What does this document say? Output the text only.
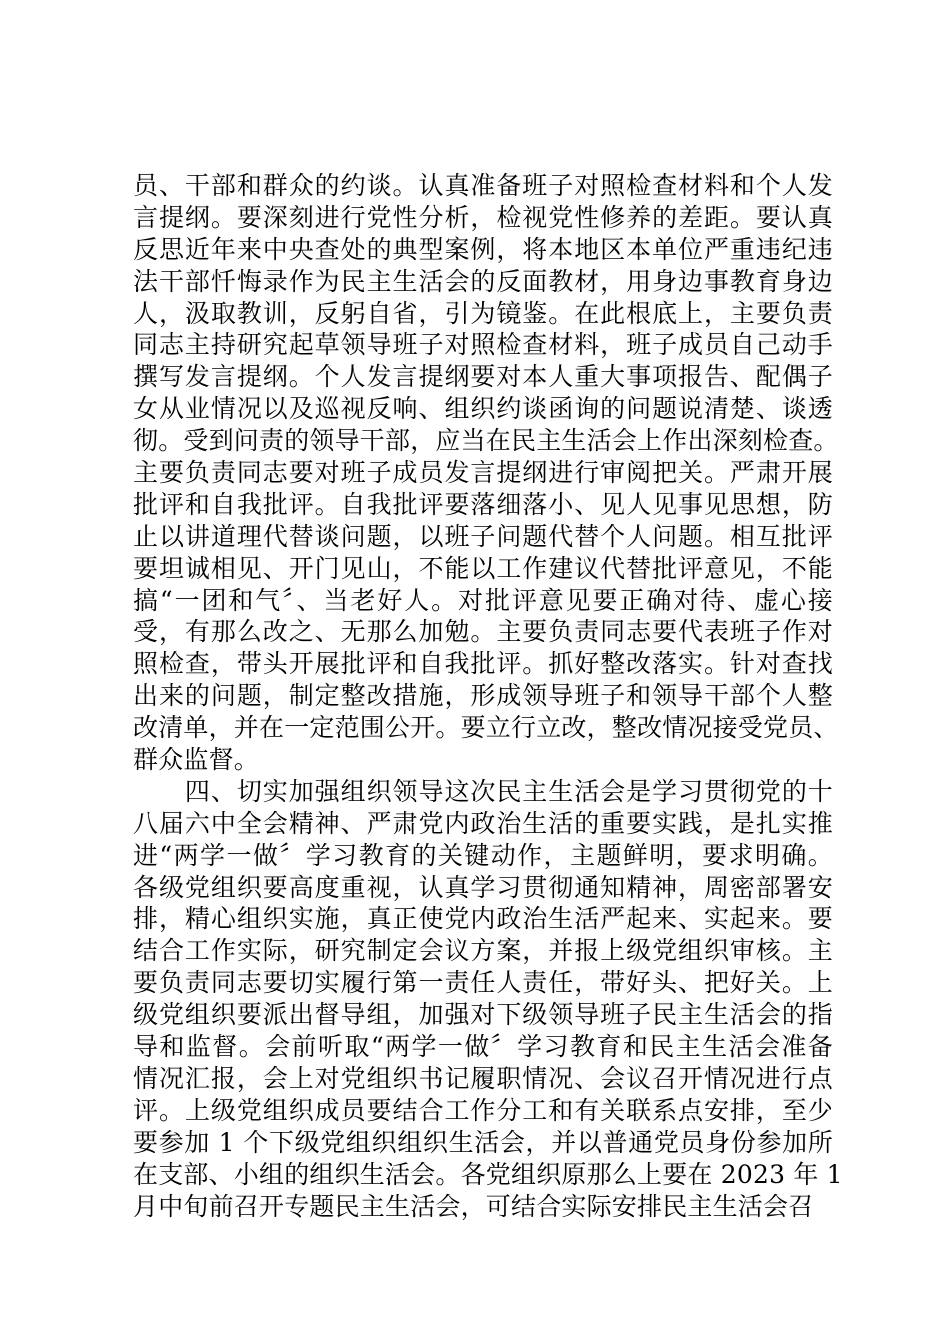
员、干部和群众的约谈。认真准备班子对照检查材料和个人发
言提纲。要深刻进行党性分析，检视党性修养的差距。要认真
反思近年来中央查处的典型案例，将本地区本单位严重违纪违
法干部忏悔录作为民主生活会的反面教材，用身边事教育身边
人，汲取教训，反躬自省，引为镜鉴。在此根底上，主要负责
同志主持研究起草领导班子对照检查材料，班子成员自己动手
撰写发言提纲。个人发言提纲要对本人重大事项报告、配偶子
女从业情况以及巡视反响、组织约谈函询的问题说清楚、谈透
彻。受到问责的领导干部，应当在民主生活会上作出深刻检查。
主要负责同志要对班子成员发言提纲进行审阅把关。严肃开展
批评和自我批评。自我批评要落细落小、见人见事见思想，防
止以讲道理代替谈问题，以班子问题代替个人问题。相互批评
要坦诚相见、开门见山，不能以工作建议代替批评意见，不能
搞“一团和气〞、当老好人。对批评意见要正确对待、虚心接
受，有那么改之、无那么加勉。主要负责同志要代表班子作对
照检查，带头开展批评和自我批评。抓好整改落实。针对查找
出来的问题，制定整改措施，形成领导班子和领导干部个人整
改清单，并在一定范围公开。要立行立改，整改情况接受党员、
群众监督。
　　四、切实加强组织领导这次民主生活会是学习贯彻党的十
八届六中全会精神、严肃党内政治生活的重要实践，是扎实推
进“两学一做〞学习教育的关键动作，主题鲜明，要求明确。
各级党组织要高度重视，认真学习贯彻通知精神，周密部署安
排，精心组织实施，真正使党内政治生活严起来、实起来。要
结合工作实际，研究制定会议方案，并报上级党组织审核。主
要负责同志要切实履行第一责任人责任，带好头、把好关。上
级党组织要派出督导组，加强对下级领导班子民主生活会的指
导和监督。会前听取“两学一做〞学习教育和民主生活会准备
情况汇报，会上对党组织书记履职情况、会议召开情况进行点
评。上级党组织成员要结合工作分工和有关联系点安排，至少
要参加 1 个下级党组织组织生活会，并以普通党员身份参加所
在支部、小组的组织生活会。各党组织原那么上要在 2023 年 1
月中旬前召开专题民主生活会，可结合实际安排民主生活会召
